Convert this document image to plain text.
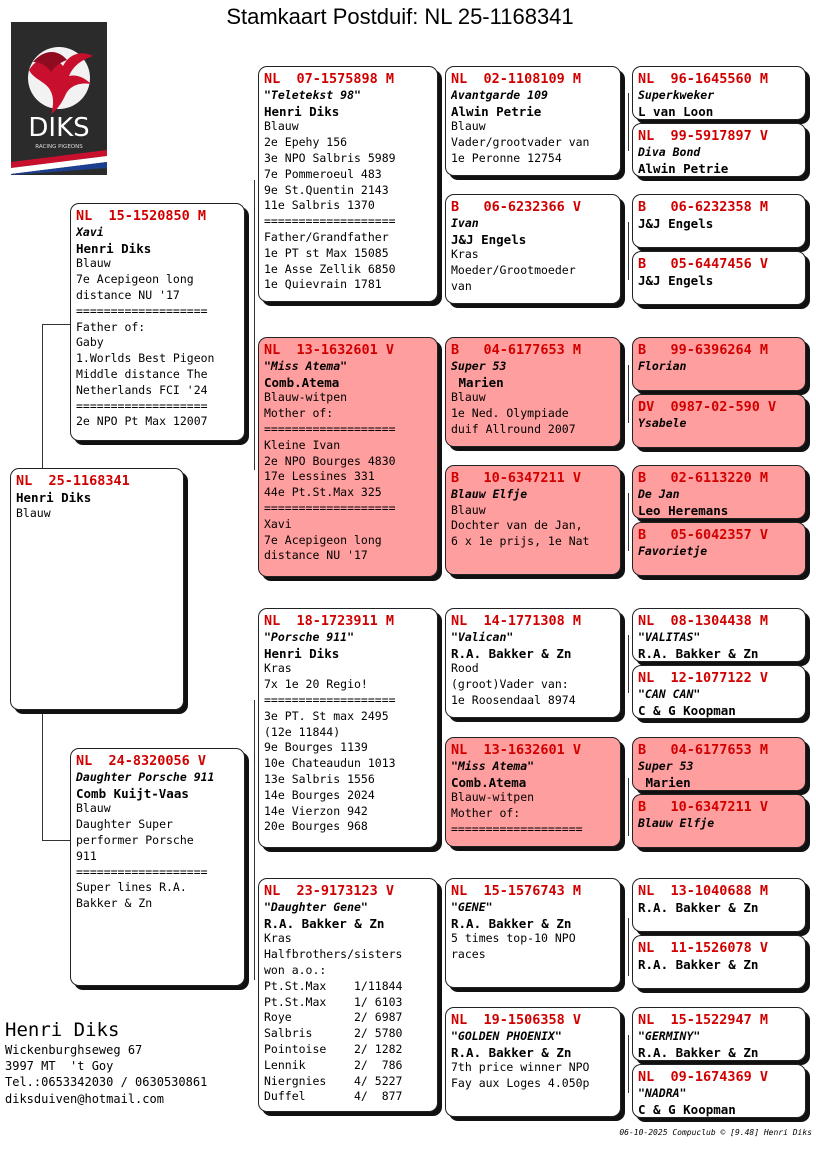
Stamkaart Postduif: NL 25-1168341
DIKS
RACING PIGEONS
NL  25-1168341
Henri Diks
Blauw
NL  15-1520850 M
Xavi
Henri Diks
Blauw
7e Acepigeon long
distance NU '17
===================
Father of:
Gaby
1.Worlds Best Pigeon
Middle distance The
Netherlands FCI '24
===================
2e NPO Pt Max 12007
NL  24-8320056 V
Daughter Porsche 911
Comb Kuijt-Vaas
Blauw
Daughter Super
performer Porsche
911
===================
Super lines R.A.
Bakker & Zn
NL  07-1575898 M
"Teletekst 98"
Henri Diks
Blauw
2e Epehy 156
3e NPO Salbris 5989
7e Pommeroeul 483
9e St.Quentin 2143
11e Salbris 1370
===================
Father/Grandfather
1e PT st Max 15085
1e Asse Zellik 6850
1e Quievrain 1781
NL  13-1632601 V
"Miss Atema"
Comb.Atema
Blauw-witpen
Mother of:
===================
Kleine Ivan
2e NPO Bourges 4830
17e Lessines 331
44e Pt.St.Max 325
===================
Xavi
7e Acepigeon long
distance NU '17
NL  18-1723911 M
"Porsche 911"
Henri Diks
Kras
7x 1e 20 Regio!
===================
3e PT. St max 2495
(12e 11844)
9e Bourges 1139
10e Chateaudun 1013
13e Salbris 1556
14e Bourges 2024
14e Vierzon 942
20e Bourges 968
NL  23-9173123 V
"Daughter Gene"
R.A. Bakker & Zn
Kras
Halfbrothers/sisters
won a.o.:
Pt.St.Max    1/11844
Pt.St.Max    1/ 6103
Roye         2/ 6987
Salbris      2/ 5780
Pointoise    2/ 1282
Lennik       2/  786
Niergnies    4/ 5227
Duffel       4/  877
NL  02-1108109 M
Avantgarde 109
Alwin Petrie
Blauw
Vader/grootvader van
1e Peronne 12754
B   06-6232366 V
Ivan
J&J Engels
Kras
Moeder/Grootmoeder
van
B   04-6177653 M
Super 53
Marien
Blauw
1e Ned. Olympiade
duif Allround 2007
B   10-6347211 V
Blauw Elfje
Blauw
Dochter van de Jan,
6 x 1e prijs, 1e Nat
NL  14-1771308 M
"Valican"
R.A. Bakker & Zn
Rood
(groot)Vader van:
1e Roosendaal 8974
NL  13-1632601 V
"Miss Atema"
Comb.Atema
Blauw-witpen
Mother of:
===================
NL  15-1576743 M
"GENE"
R.A. Bakker & Zn
5 times top-10 NPO
races
NL  19-1506358 V
"GOLDEN PHOENIX"
R.A. Bakker & Zn
7th price winner NPO
Fay aux Loges 4.050p
NL  96-1645560 M
Superkweker
L van Loon
NL  99-5917897 V
Diva Bond
Alwin Petrie
B   06-6232358 M
J&J Engels
B   05-6447456 V
J&J Engels
B   99-6396264 M
Florian
DV  0987-02-590 V
Ysabele
B   02-6113220 M
De Jan
Leo Heremans
B   05-6042357 V
Favorietje
NL  08-1304438 M
"VALITAS"
R.A. Bakker & Zn
NL  12-1077122 V
"CAN CAN"
C & G Koopman
B   04-6177653 M
Super 53
Marien
B   10-6347211 V
Blauw Elfje
NL  13-1040688 M
R.A. Bakker & Zn
NL  11-1526078 V
R.A. Bakker & Zn
NL  15-1522947 M
"GERMINY"
R.A. Bakker & Zn
NL  09-1674369 V
"NADRA"
C & G Koopman
Henri Diks
Wickenburghseweg 67
3997 MT  't Goy
Tel.:0653342030 / 0630530861
diksduiven@hotmail.com
06-10-2025 Compuclub © [9.48] Henri Diks
